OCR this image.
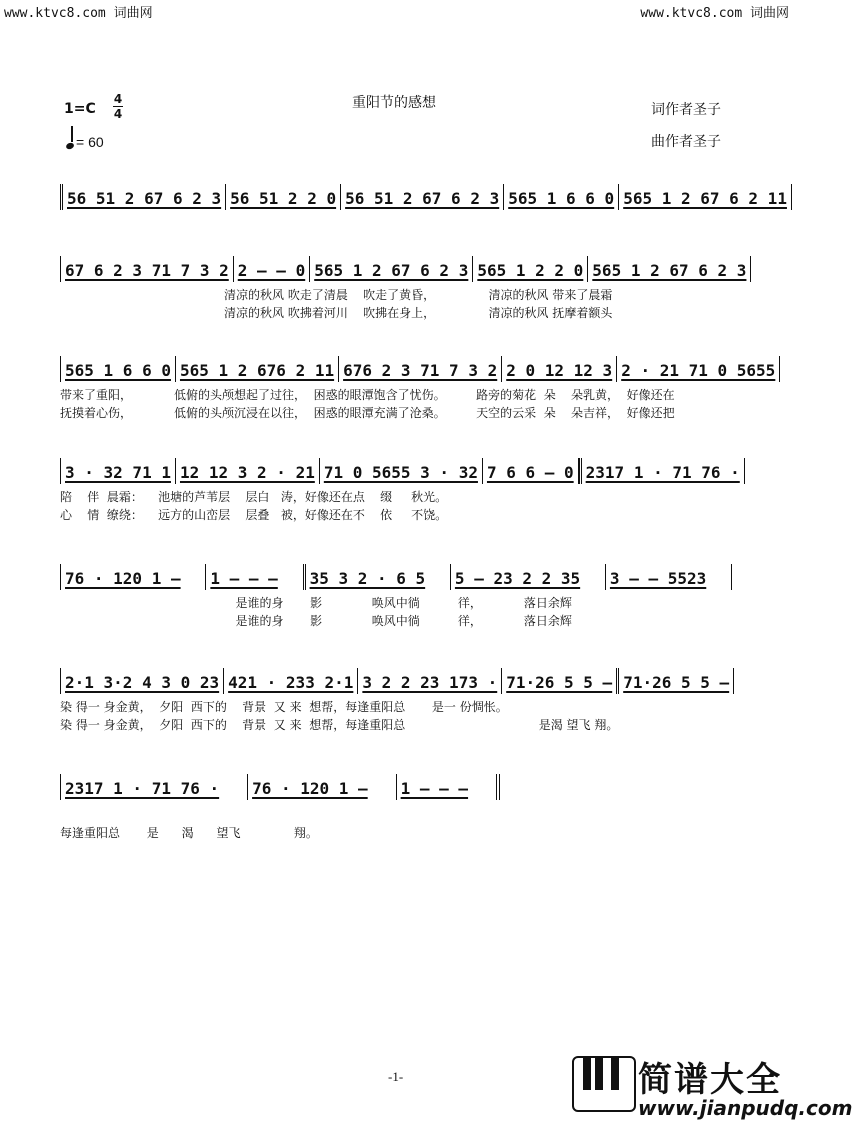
www.ktvc8.com 词曲网	www.ktvc8.com 词曲网
重阳节的感想	词作者圣子
曲作者圣子
1=C
4
4
= 60
56 51 2 67 6 2 3 56 51 2 2 0 56 51 2 67 6 2 3 565 1 6 6 0 565 1 2 67 6 2 11
67 6 2 3 71 7 3 2 2 – – 0 565 1 2 67 6 2 3 565 1 2 2 0 565 1 2 67 6 2 3
清凉的秋风 吹走了清晨    吹走了黄昏，              清凉的秋风 带来了晨霜
清凉的秋风 吹拂着河川    吹拂在身上，              清凉的秋风 抚摩着额头
565 1 6 6 0 565 1 2 676 2 11 676 2 3 71 7 3 2 2 0 12 12 3 2 · 21 71 0 5655
带来了重阳，           低俯的头颅想起了过往，  困惑的眼潭饱含了忧伤。        路旁的菊花  朵    朵乳黄，  好像还在
抚摸着心伤，           低俯的头颅沉浸在以往，  困惑的眼潭充满了沧桑。        天空的云采  朵    朵吉祥，  好像还把
3 · 32 71 1 12 12 3 2 · 21 71 0 5655 3 · 32 7 6 6 – 0 2317 1 · 71 76 ·
陪    伴  晨霜：    池塘的芦苇层    层白   涛，好像还在点    缀     秋光。
心    情  缭绕：    远方的山峦层    层叠   被，好像还在不    依     不饶。
76 · 120 1 –	1 – – –	35 3 2 · 6 5	5 – 23 2 2 35	3 – – 5523
是谁的身       影             唤风中徜          徉，           落日余辉
是谁的身       影             唤风中徜          徉，           落日余辉
2·1 3·2 4 3 0 23 421 · 233 2·1 3 2 2 23 173 · 71·26 5 5 – 71·26 5 5 –
染 得一 身金黄，  夕阳  西下的    背景  又 来  想帮，每逢重阳总       是一 份惆怅。
染 得一 身金黄，  夕阳  西下的    背景  又 来  想帮，每逢重阳总                                   是渴 望飞 翔。
2317 1 · 71 76 ·	76 · 120 1 –	1 – – –
每逢重阳总       是      渴      望飞              翔。
-1-	简谱大全
www.jianpudq.com
